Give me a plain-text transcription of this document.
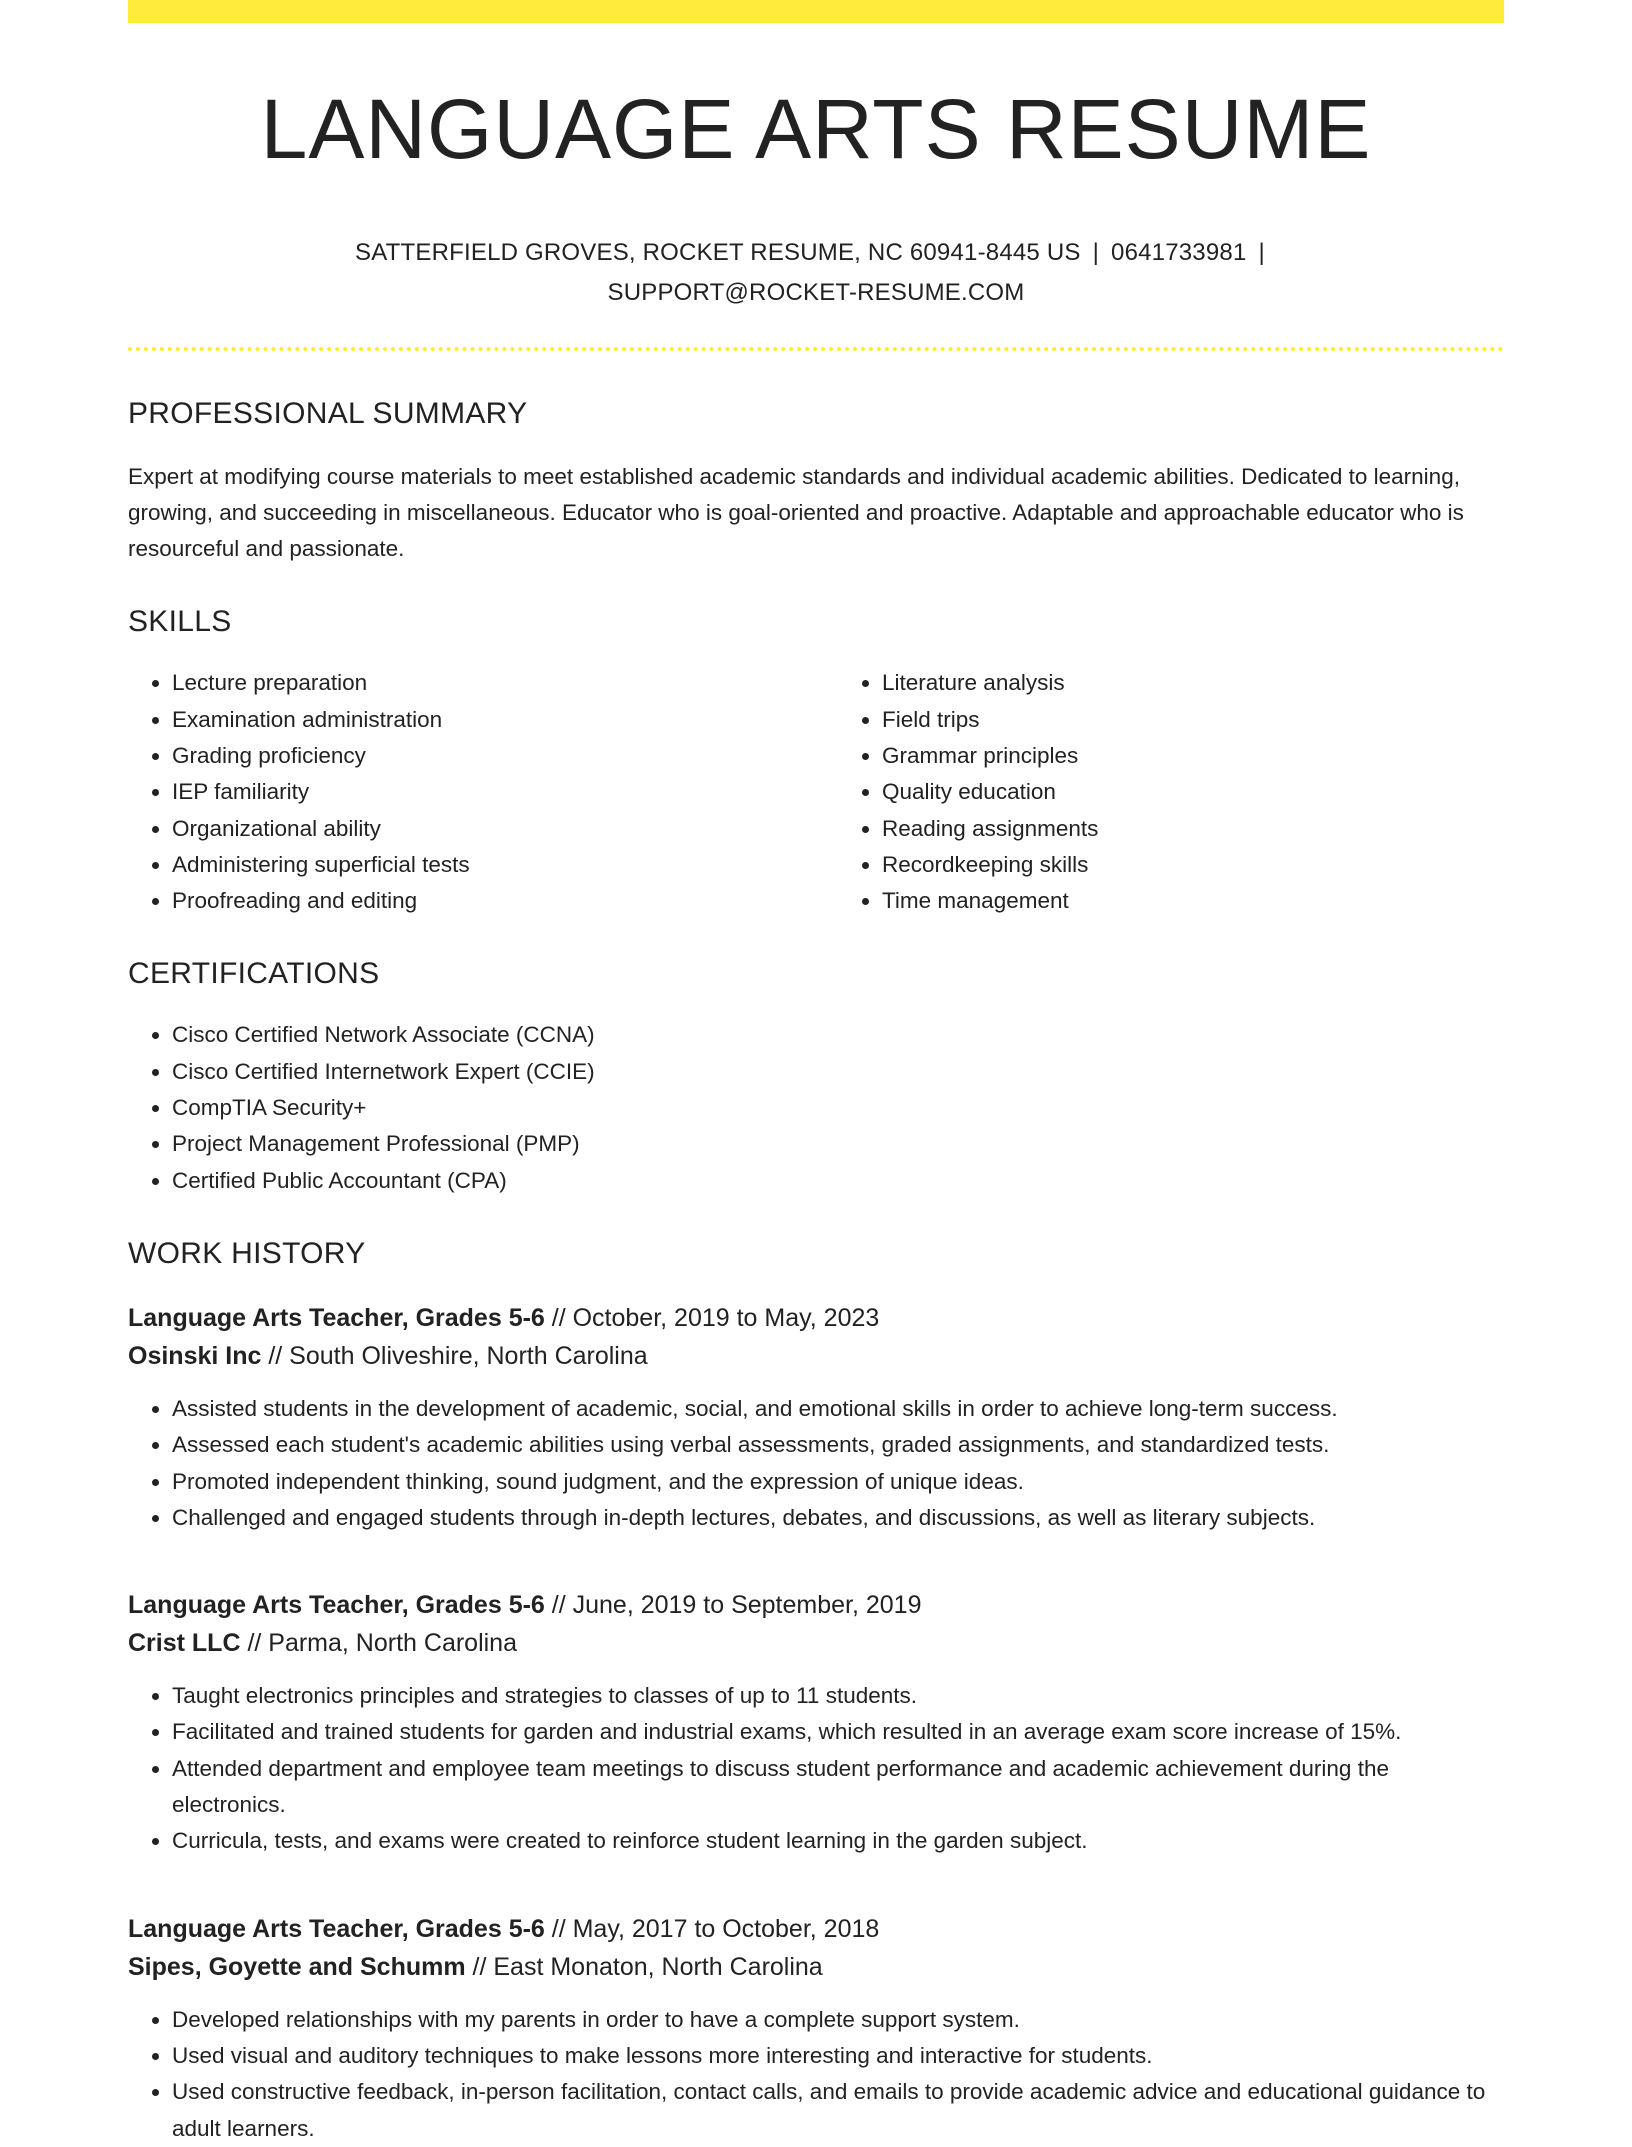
LANGUAGE ARTS RESUME
SATTERFIELD GROVES, ROCKET RESUME, NC 60941-8445 US | 0641733981 |
SUPPORT@ROCKET-RESUME.COM
PROFESSIONAL SUMMARY

Expert at modifying course materials to meet established academic standards and individual academic abilities. Dedicated to learning, growing, and succeeding in miscellaneous. Educator who is goal-oriented and proactive. Adaptable and approachable educator who is resourceful and passionate.

SKILLS
• Lecture preparation
• Examination administration
• Grading proficiency
• IEP familiarity
• Organizational ability
• Administering superficial tests
• Proofreading and editing
• Literature analysis
• Field trips
• Grammar principles
• Quality education
• Reading assignments
• Recordkeeping skills
• Time management
CERTIFICATIONS
• Cisco Certified Network Associate (CCNA)
• Cisco Certified Internetwork Expert (CCIE)
• CompTIA Security+
• Project Management Professional (PMP)
• Certified Public Accountant (CPA)
WORK HISTORY
Language Arts Teacher, Grades 5-6 // October, 2019 to May, 2023
Osinski Inc // South Oliveshire, North Carolina
• Assisted students in the development of academic, social, and emotional skills in order to achieve long-term success.
• Assessed each student's academic abilities using verbal assessments, graded assignments, and standardized tests.
• Promoted independent thinking, sound judgment, and the expression of unique ideas.
• Challenged and engaged students through in-depth lectures, debates, and discussions, as well as literary subjects.
Language Arts Teacher, Grades 5-6 // June, 2019 to September, 2019
Crist LLC // Parma, North Carolina
• Taught electronics principles and strategies to classes of up to 11 students.
• Facilitated and trained students for garden and industrial exams, which resulted in an average exam score increase of 15%.
• Attended department and employee team meetings to discuss student performance and academic achievement during the electronics.
• Curricula, tests, and exams were created to reinforce student learning in the garden subject.
Language Arts Teacher, Grades 5-6 // May, 2017 to October, 2018
Sipes, Goyette and Schumm // East Monaton, North Carolina
• Developed relationships with my parents in order to have a complete support system.
• Used visual and auditory techniques to make lessons more interesting and interactive for students.
• Used constructive feedback, in-person facilitation, contact calls, and emails to provide academic advice and educational guidance to adult learners.
